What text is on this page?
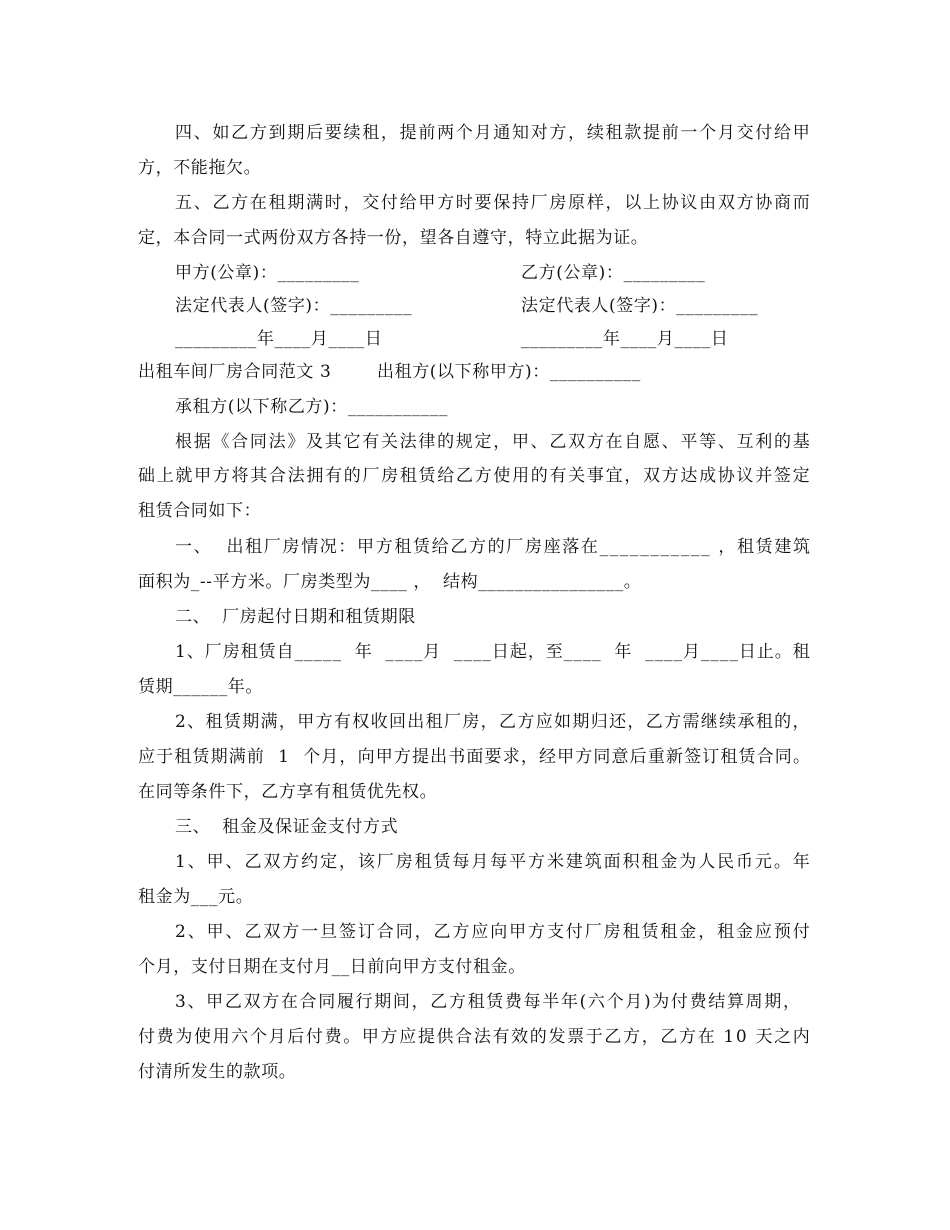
四 、 如 乙 方 到 期 后 要 续 租 ， 提 前 两 个 月 通 知 对 方 ， 续 租 款 提 前 一 个 月 交 付 给 甲
方，不能拖欠。
五 、 乙 方 在 租 期 满 时 ， 交 付 给 甲 方 时 要 保 持 厂 房 原 样 ， 以 上 协 议 由 双 方 协 商 而
定，本合同一式两份双方各持一份，望各自遵守，特立此据为证。
甲方(公章)：_________	乙方(公章)：_________
法定代表人(签字)：_________	法定代表人(签字)：_________
_________年____月____日	_________年____月____日
出租车间厂房合同范文 3	出租方(以下称甲方)：__________
承租方(以下称乙方)：___________
根 据 《 合 同 法 》 及 其 它 有 关 法 律 的 规 定 ， 甲 、 乙 双 方 在 自 愿 、 平 等 、 互 利 的 基
础 上 就 甲 方 将 其 合 法 拥 有 的 厂 房 租 赁 给 乙 方 使 用 的 有 关 事 宜 ， 双 方 达 成 协 议 并 签 定
租赁合同如下：
一 、

出 租 厂 房 情 况 ： 甲 方 租 赁 给 乙 方 的 厂 房 座 落 在 _ _ _ _ _ _ _ _ _ _ _
， 租 赁 建 筑
面积为_--平方米。厂房类型为____ ，  结构________________。
二、  厂房起付日期和租赁期限
1 、 厂 房 租 赁 自 _ _ _ _ _

年

_ _ _ _ 月

_ _ _ _ 日 起 ， 至 _ _ _ _

年

_ _ _ _ 月 _ _ _ _ 日 止 。 租
赁期______年。
2 、 租 赁 期 满 ， 甲 方 有 权 收 回 出 租 厂 房 ， 乙 方 应 如 期 归 还 ， 乙 方 需 继 续 承 租 的 ，
应 于 租 赁 期 满 前

1

个 月 ， 向 甲 方 提 出 书 面 要 求 ， 经 甲 方 同 意 后 重 新 签 订 租 赁 合 同 。
在同等条件下，乙方享有租赁优先权。
三、  租金及保证金支付方式
1 、 甲 、 乙 双 方 约 定 ， 该 厂 房 租 赁 每 月 每 平 方 米 建 筑 面 积 租 金 为 人 民 币 元 。 年
租金为___元。
2 、 甲 、 乙 双 方 一 旦 签 订 合 同 ， 乙 方 应 向 甲 方 支 付 厂 房 租 赁 租 金 ， 租 金 应 预 付
个月，支付日期在支付月__日前向甲方支付租金。
3 、 甲 乙 双 方 在 合 同 履 行 期 间 ， 乙 方 租 赁 费 每 半 年 ( 六 个 月 ) 为 付 费 结 算 周 期 ，
付 费 为 使 用 六 个 月 后 付 费 。 甲 方 应 提 供 合 法 有 效 的 发 票 于 乙 方 ， 乙 方 在
1 0
天 之 内
付清所发生的款项。
